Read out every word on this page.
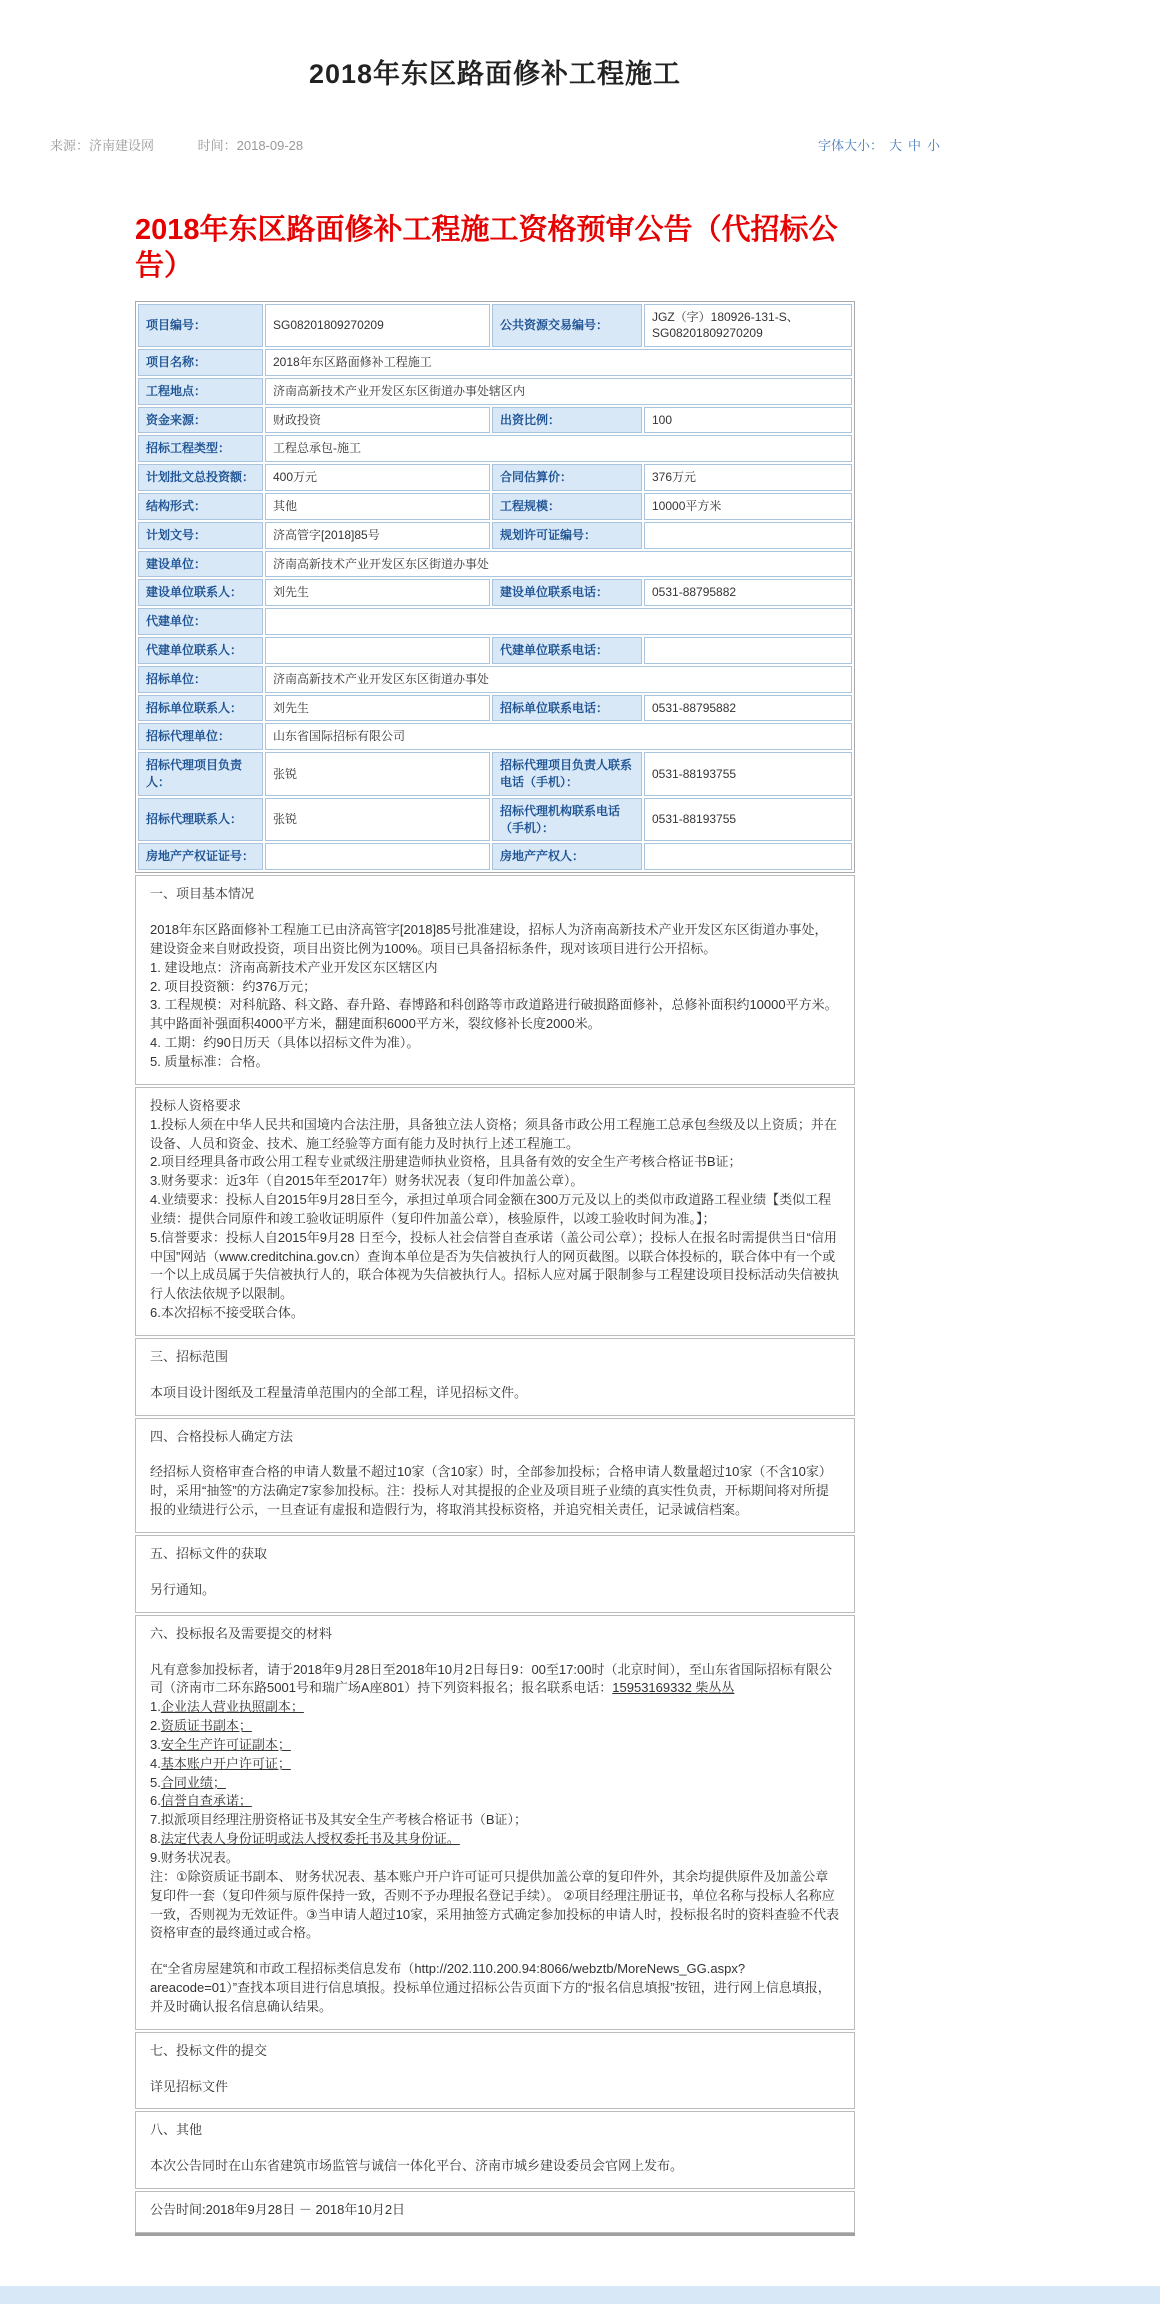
2018年东区路面修补工程施工
来源：济南建设网	时间：2018-09-28	字体大小： 大 中 小
2018年东区路面修补工程施工资格预审公告（代招标公告）
项目编号：	SG08201809270209	公共资源交易编号：	JGZ（字）180926-131-S、SG08201809270209
项目名称：	2018年东区路面修补工程施工		
工程地点：	济南高新技术产业开发区东区街道办事处辖区内		
资金来源：	财政投资	出资比例：	100
招标工程类型：	工程总承包-施工		
计划批文总投资额：	400万元	合同估算价：	376万元
结构形式：	其他	工程规模：	10000平方米
计划文号：	济高管字[2018]85号	规划许可证编号：	
建设单位：	济南高新技术产业开发区东区街道办事处		
建设单位联系人：	刘先生	建设单位联系电话：	0531-88795882
代建单位：			
代建单位联系人：		代建单位联系电话：	
招标单位：	济南高新技术产业开发区东区街道办事处		
招标单位联系人：	刘先生	招标单位联系电话：	0531-88795882
招标代理单位：	山东省国际招标有限公司		
招标代理项目负责人：	张锐	招标代理项目负责人联系电话（手机）：	0531-88193755
招标代理联系人：	张锐	招标代理机构联系电话（手机）：	0531-88193755
房地产产权证证号：		房地产产权人：	
一、项目基本情况
2018年东区路面修补工程施工已由济高管字[2018]85号批准建设，招标人为济南高新技术产业开发区东区街道办事处，建设资金来自财政投资，项目出资比例为100%。项目已具备招标条件，现对该项目进行公开招标。
1. 建设地点：济南高新技术产业开发区东区辖区内
2. 项目投资额：约376万元；
3. 工程规模：对科航路、科文路、春升路、春博路和科创路等市政道路进行破损路面修补，总修补面积约10000平方米。其中路面补强面积4000平方米，翻建面积6000平方米，裂纹修补长度2000米。
4. 工期：约90日历天（具体以招标文件为准）。
5. 质量标准：合格。
投标人资格要求
1.投标人须在中华人民共和国境内合法注册，具备独立法人资格；须具备市政公用工程施工总承包叁级及以上资质；并在设备、人员和资金、技术、施工经验等方面有能力及时执行上述工程施工。
2.项目经理具备市政公用工程专业贰级注册建造师执业资格，且具备有效的安全生产考核合格证书B证；
3.财务要求：近3年（自2015年至2017年）财务状况表（复印件加盖公章）。
4.业绩要求：投标人自2015年9月28日至今，承担过单项合同金额在300万元及以上的类似市政道路工程业绩【类似工程业绩：提供合同原件和竣工验收证明原件（复印件加盖公章），核验原件，以竣工验收时间为准。】；
5.信誉要求：投标人自2015年9月28 日至今，投标人社会信誉自查承诺（盖公司公章）；投标人在报名时需提供当日“信用中国”网站（www.creditchina.gov.cn）查询本单位是否为失信被执行人的网页截图。以联合体投标的，联合体中有一个或一个以上成员属于失信被执行人的，联合体视为失信被执行人。招标人应对属于限制参与工程建设项目投标活动失信被执行人依法依规予以限制。
6.本次招标不接受联合体。
三、招标范围
本项目设计图纸及工程量清单范围内的全部工程，详见招标文件。
四、合格投标人确定方法
经招标人资格审查合格的申请人数量不超过10家（含10家）时，全部参加投标；合格申请人数量超过10家（不含10家）时，采用“抽签”的方法确定7家参加投标。注：投标人对其提报的企业及项目班子业绩的真实性负责，开标期间将对所提报的业绩进行公示，一旦查证有虚报和造假行为，将取消其投标资格，并追究相关责任，记录诚信档案。
五、招标文件的获取
另行通知。
六、投标报名及需要提交的材料
凡有意参加投标者，请于2018年9月28日至2018年10月2日每日9：00至17:00时（北京时间），至山东省国际招标有限公司（济南市二环东路5001号和瑞广场A座801）持下列资料报名；报名联系电话：15953169332 柴丛丛
1.企业法人营业执照副本；
2.资质证书副本；
3.安全生产许可证副本；
4.基本账户开户许可证；
5.合同业绩；
6.信誉自查承诺；
7.拟派项目经理注册资格证书及其安全生产考核合格证书（B证）；
8.法定代表人身份证明或法人授权委托书及其身份证。
9.财务状况表。
注：①除资质证书副本、 财务状况表、基本账户开户许可证可只提供加盖公章的复印件外，其余均提供原件及加盖公章复印件一套（复印件须与原件保持一致，否则不予办理报名登记手续）。 ②项目经理注册证书，单位名称与投标人名称应一致，否则视为无效证件。③当申请人超过10家，采用抽签方式确定参加投标的申请人时，投标报名时的资料查验不代表资格审查的最终通过或合格。
在“全省房屋建筑和市政工程招标类信息发布（http://202.110.200.94:8066/webztb/MoreNews_GG.aspx?areacode=01）”查找本项目进行信息填报。投标单位通过招标公告页面下方的“报名信息填报”按钮，进行网上信息填报，并及时确认报名信息确认结果。
七、投标文件的提交
详见招标文件
八、其他
本次公告同时在山东省建筑市场监管与诚信一体化平台、济南市城乡建设委员会官网上发布。
公告时间:2018年9月28日 － 2018年10月2日
